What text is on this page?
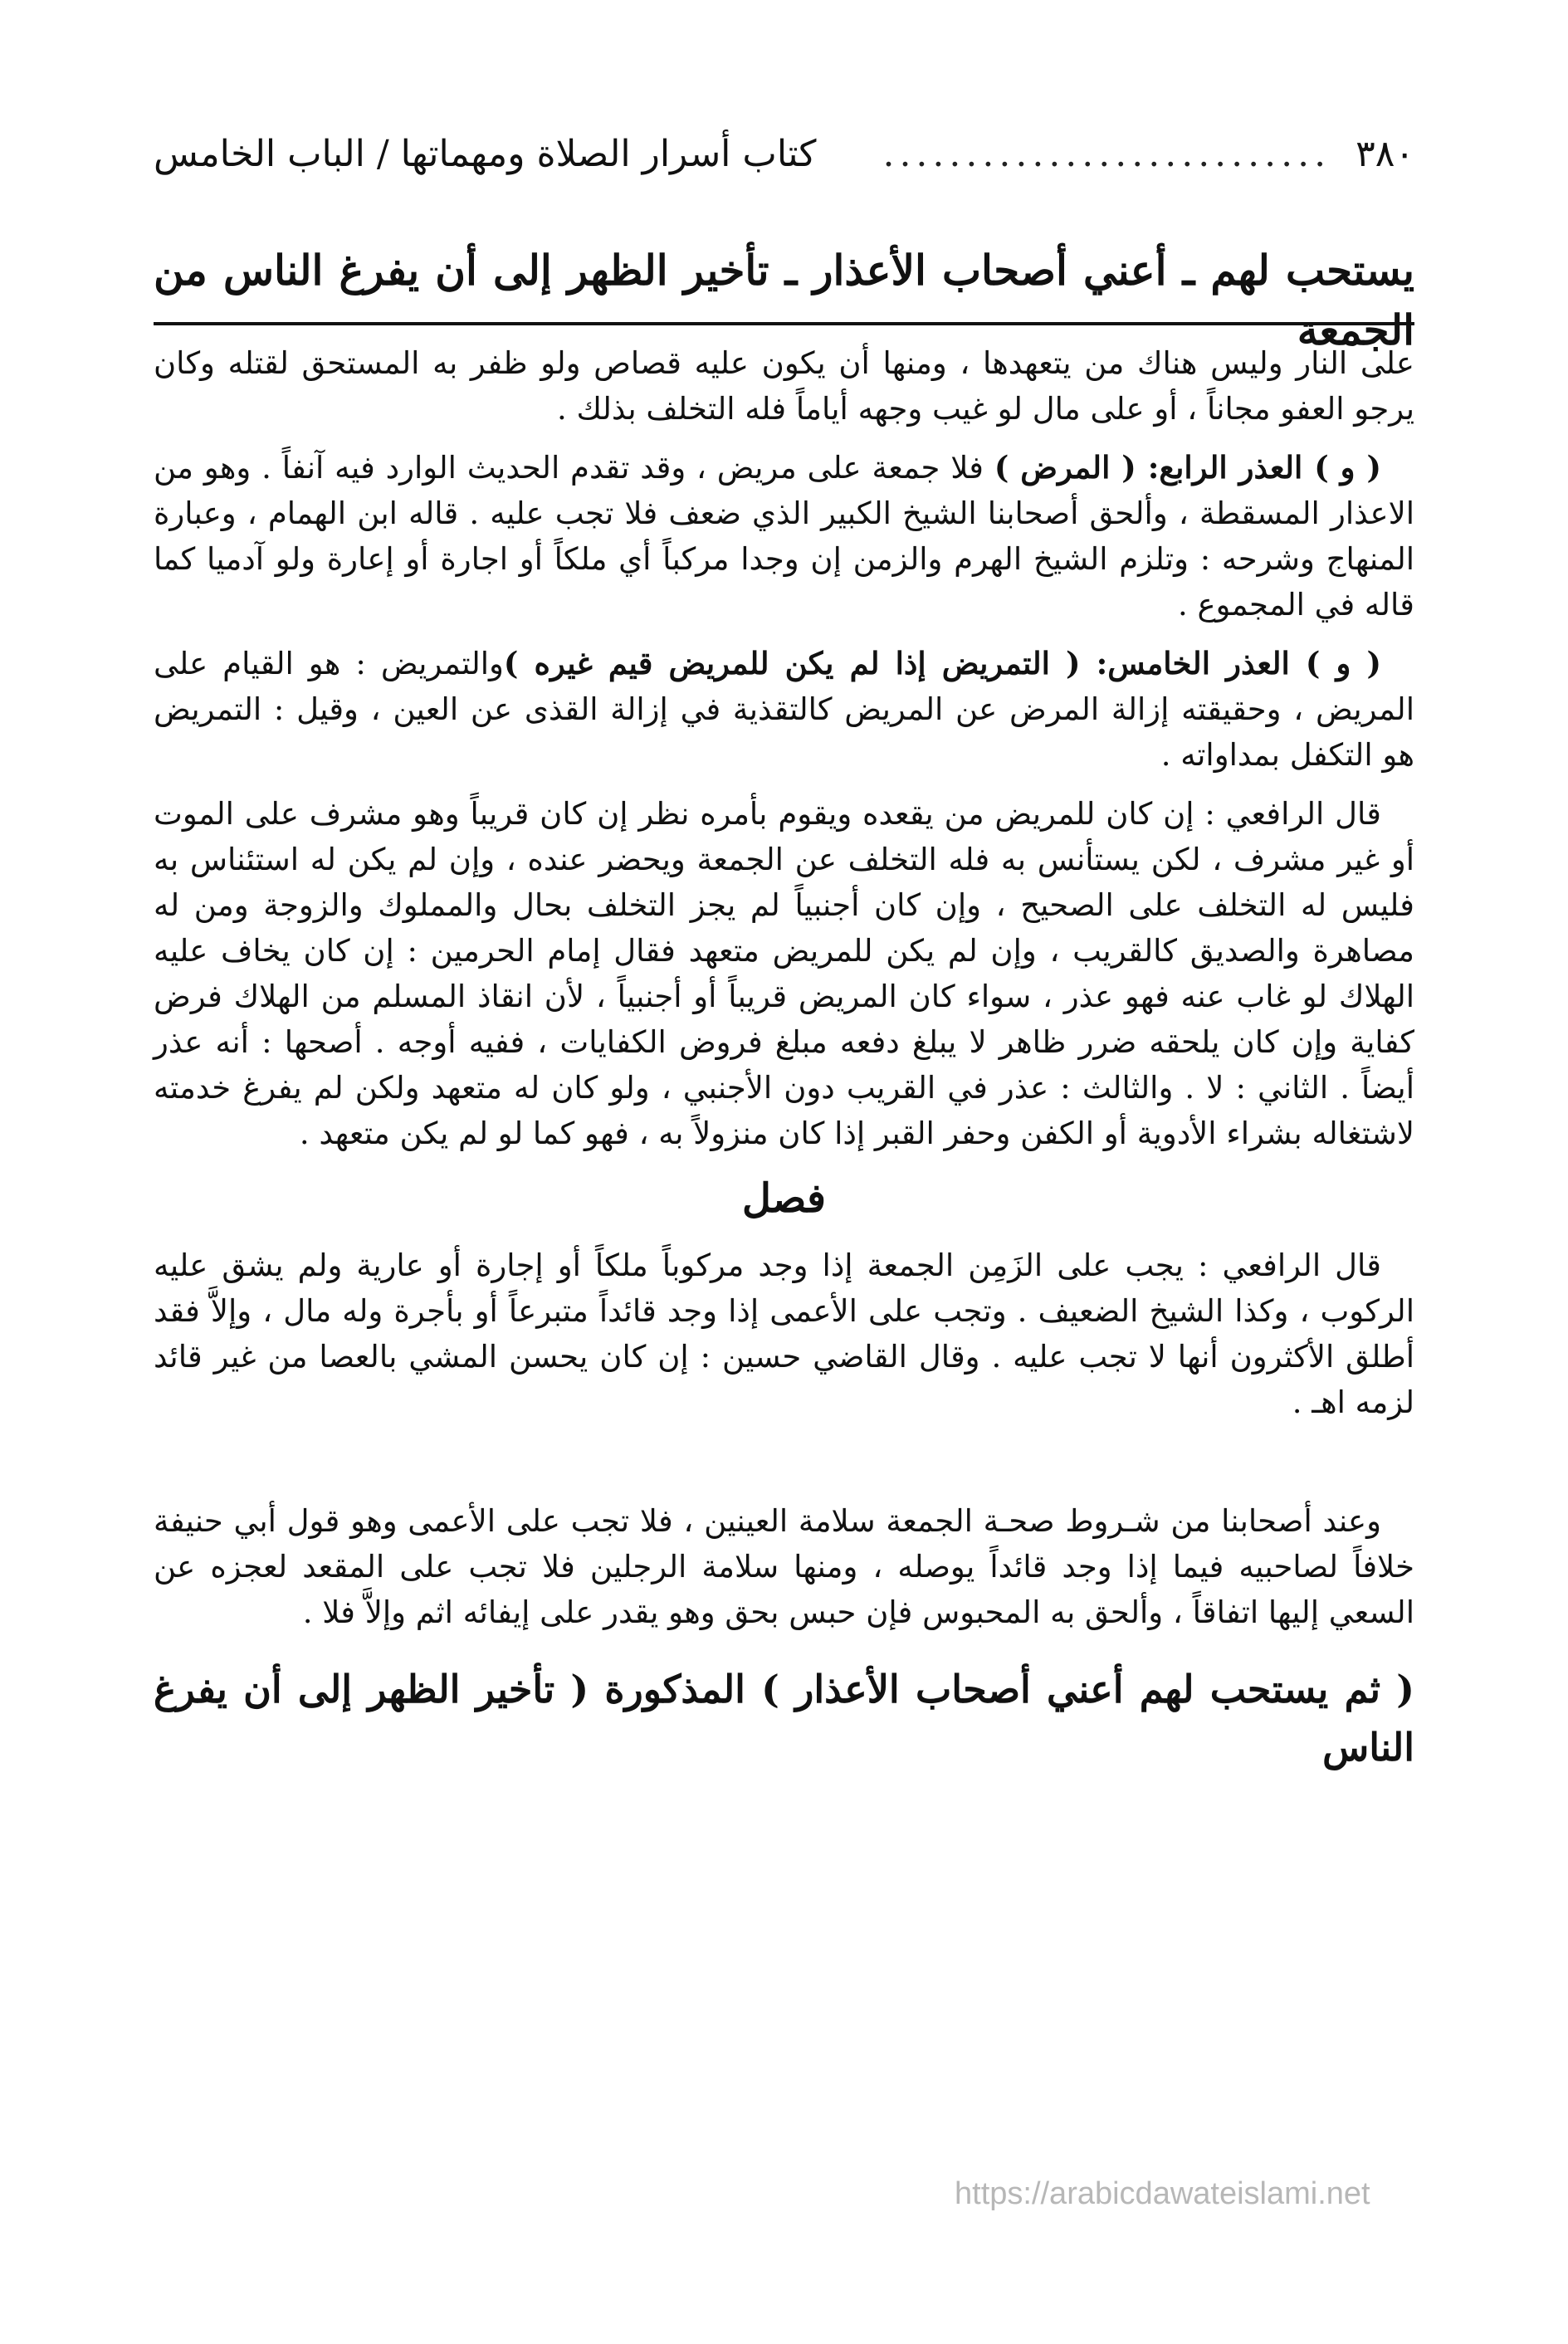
٣٨٠
...........................
كتاب أسرار الصلاة ومهماتها / الباب الخامس
يستحب لهم ـ أعني أصحاب الأعذار ـ تأخير الظهر إلى أن يفرغ الناس من الجمعة

على النار وليس هناك من يتعهدها ، ومنها أن يكون عليه قصاص ولو ظفر به المستحق لقتله وكان يرجو العفو مجاناً ، أو على مال لو غيب وجهه أياماً فله التخلف بذلك .

( و ) العذر الرابع: ( المرض ) فلا جمعة على مريض ، وقد تقدم الحديث الوارد فيه آنفاً . وهو من الاعذار المسقطة ، وألحق أصحابنا الشيخ الكبير الذي ضعف فلا تجب عليه . قاله ابن الهمام ، وعبارة المنهاج وشرحه : وتلزم الشيخ الهرم والزمن إن وجدا مركباً أي ملكاً أو اجارة أو إعارة ولو آدميا كما قاله في المجموع .

( و ) العذر الخامس: ( التمريض إذا لم يكن للمريض قيم غيره )والتمريض : هو القيام على المريض ، وحقيقته إزالة المرض عن المريض كالتقذية في إزالة القذى عن العين ، وقيل : التمريض هو التكفل بمداواته .

قال الرافعي : إن كان للمريض من يقعده ويقوم بأمره نظر إن كان قريباً وهو مشرف على الموت أو غير مشرف ، لكن يستأنس به فله التخلف عن الجمعة ويحضر عنده ، وإن لم يكن له استئناس به فليس له التخلف على الصحيح ، وإن كان أجنبياً لم يجز التخلف بحال والمملوك والزوجة ومن له مصاهرة والصديق كالقريب ، وإن لم يكن للمريض متعهد فقال إمام الحرمين : إن كان يخاف عليه الهلاك لو غاب عنه فهو عذر ، سواء كان المريض قريباً أو أجنبياً ، لأن انقاذ المسلم من الهلاك فرض كفاية وإن كان يلحقه ضرر ظاهر لا يبلغ دفعه مبلغ فروض الكفايات ، ففيه أوجه . أصحها : أنه عذر أيضاً . الثاني : لا . والثالث : عذر في القريب دون الأجنبي ، ولو كان له متعهد ولكن لم يفرغ خدمته لاشتغاله بشراء الأدوية أو الكفن وحفر القبر إذا كان منزولاً به ، فهو كما لو لم يكن متعهد .

فصل

قال الرافعي : يجب على الزَمِن الجمعة إذا وجد مركوباً ملكاً أو إجارة أو عارية ولم يشق عليه الركوب ، وكذا الشيخ الضعيف . وتجب على الأعمى إذا وجد قائداً متبرعاً أو بأجرة وله مال ، وإلاَّ فقد أطلق الأكثرون أنها لا تجب عليه . وقال القاضي حسين : إن كان يحسن المشي بالعصا من غير قائد لزمه اهـ .

وعند أصحابنا من شـروط صحـة الجمعة سلامة العينين ، فلا تجب على الأعمى وهو قول أبي حنيفة خلافاً لصاحبيه فيما إذا وجد قائداً يوصله ، ومنها سلامة الرجلين فلا تجب على المقعد لعجزه عن السعي إليها اتفاقاً ، وألحق به المحبوس فإن حبس بحق وهو يقدر على إيفائه اثم وإلاَّ فلا .

( ثم يستحب لهم أعني أصحاب الأعذار ) المذكورة ( تأخير الظهر إلى أن يفرغ الناس
https://arabicdawateislami.net
